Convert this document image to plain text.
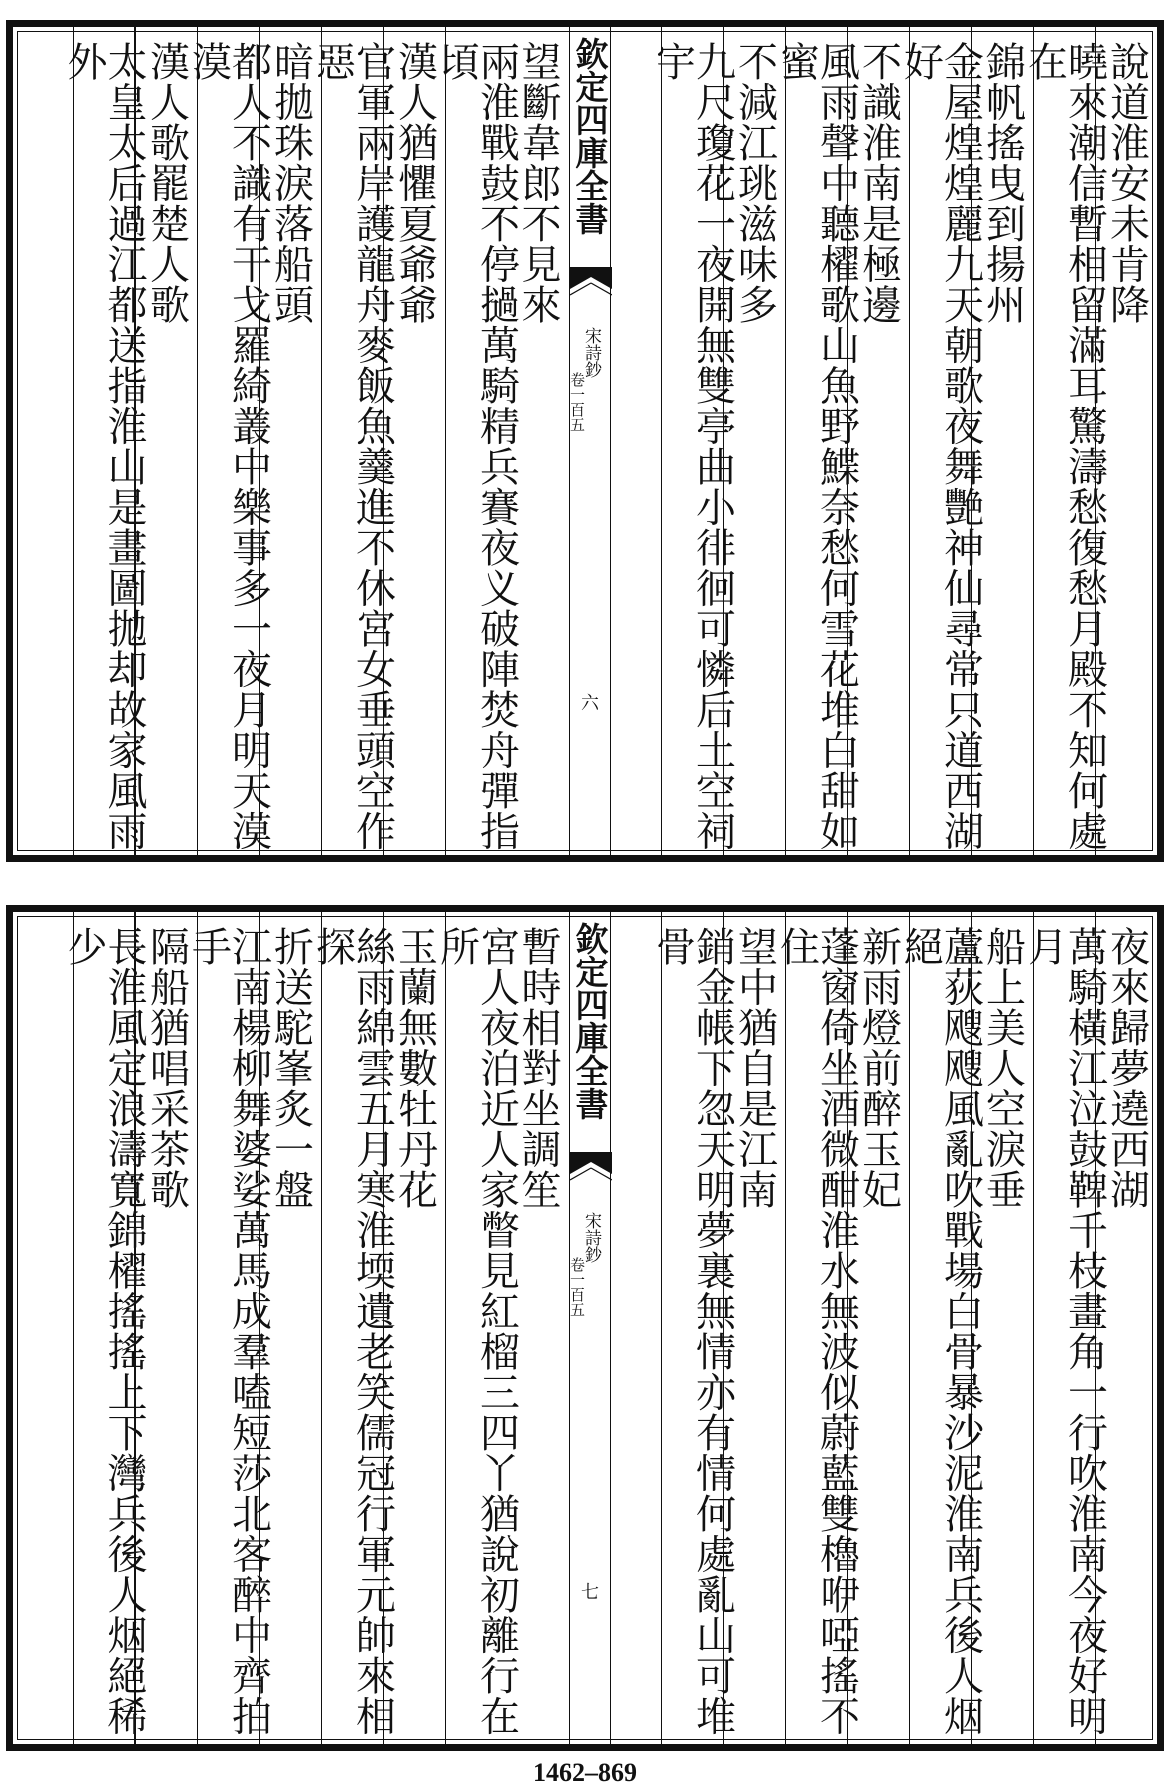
說道淮安未肯降
曉來潮信暫相留滿耳驚濤愁復愁月殿不知何處在
錦帆搖曳到揚州
金屋煌煌麗九天朝歌夜舞艷神仙尋常只道西湖好
不識淮南是極邊
風雨聲中聽櫂歌山魚野鰈奈愁何雪花堆白甜如蜜
不減江珧滋味多
九尺瓊花一夜開無雙亭曲小徘徊可憐后土空祠宇
欽定四庫全書
宋詩鈔
卷一百五
六
望斷韋郎不見來
兩淮戰鼓不停撾萬騎精兵賽夜义破陣焚舟彈指頃
漢人猶懼夏爺爺
官軍兩岸護龍舟麥飯魚羹進不休宮女垂頭空作惡
暗拋珠淚落船頭
都人不識有干戈羅綺叢中樂事多一夜月明天漠漠
漢人歌罷楚人歌
太皇太后過江都送指淮山是畫圖拋却故家風雨外
夜來歸夢遶西湖
萬騎橫江泣鼓鞞千枝畫角一行吹淮南今夜好明月
船上美人空淚垂
蘆荻飕飕風亂吹戰場白骨暴沙泥淮南兵後人烟絕
新雨燈前醉玉妃
蓬窗倚坐酒微酣淮水無波似蔚藍雙櫓咿啞搖不住
望中猶自是江南
銷金帳下忽天明夢裏無情亦有情何處亂山可堆骨
欽定四庫全書
宋詩鈔
卷一百五
七
暫時相對坐調笙
宮人夜泊近人家瞥見紅榴三四丫猶說初離行在所
玉蘭無數牡丹花
絲雨綿雲五月寒淮堧遺老笑儒冠行軍元帥來相探
折送駝峯炙一盤
江南楊柳舞婆娑萬馬成羣嗑短莎北客醉中齊拍手
隔船猶唱采茶歌
長淮風定浪濤寬錦櫂搖搖上下灣兵後人烟絕稀少
1462–869
